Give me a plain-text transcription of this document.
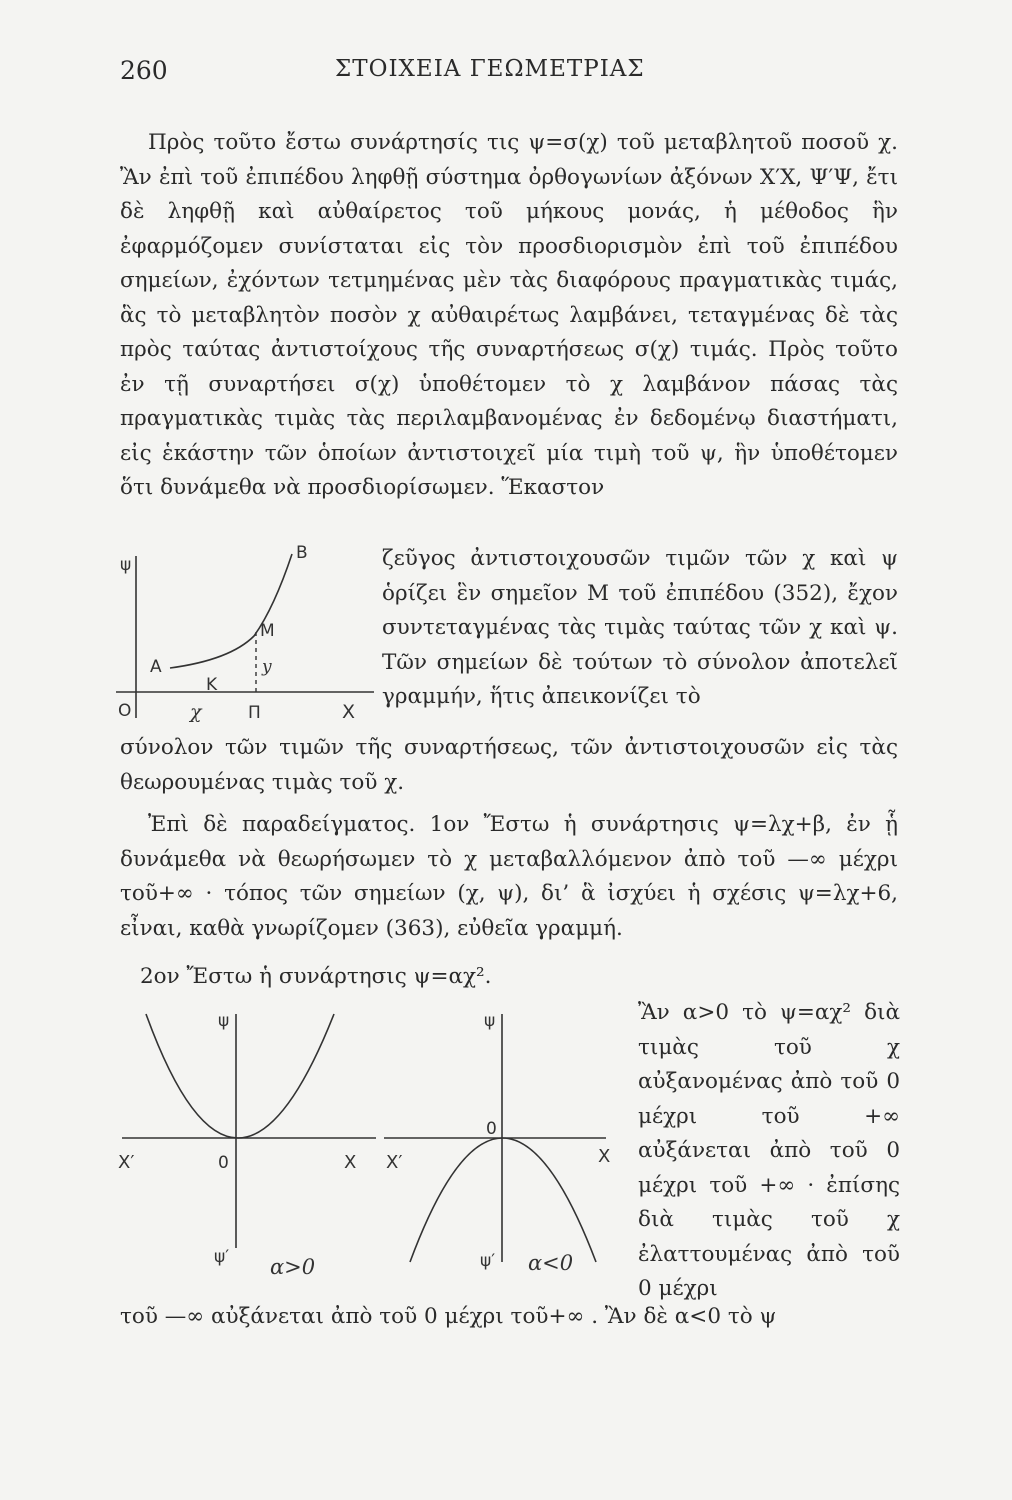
260	ΣΤΟΙΧΕΙΑ ΓΕΩΜΕΤΡΙΑΣ
Πρὸς τοῦτο ἔστω συνάρτησίς τις ψ=σ(χ) τοῦ μεταβλητοῦ ποσοῦ χ. Ἂν ἐπὶ τοῦ ἐπιπέδου ληφθῇ σύστημα ὀρθογωνίων ἀξόνων Χ′Χ, Ψ′Ψ, ἔτι δὲ ληφθῇ καὶ αὐθαίρετος τοῦ μήκους μονάς, ἡ μέθοδος ἣν ἐφαρμόζομεν συνίσταται εἰς τὸν προσδιορισμὸν ἐπὶ τοῦ ἐπιπέδου σημείων, ἐχόντων τετμημένας μὲν τὰς διαφόρους πραγματικὰς τιμάς, ἃς τὸ μεταβλητὸν ποσὸν χ αὐθαιρέτως λαμβάνει, τεταγμένας δὲ τὰς πρὸς ταύτας ἀντιστοίχους τῆς συναρτήσεως σ(χ) τιμάς. Πρὸς τοῦτο ἐν τῇ συναρτήσει σ(χ) ὑποθέτομεν τὸ χ λαμβάνον πάσας τὰς πραγματικὰς τιμὰς τὰς περιλαμβανομένας ἐν δεδομένῳ διαστήματι, εἰς ἑκάστην τῶν ὁποίων ἀντιστοιχεῖ μία τιμὴ τοῦ ψ, ἣν ὑποθέτομεν ὅτι δυνάμεθα νὰ προσδιορίσωμεν. Ἕκαστον
ψ
B
M
A
K
y
O	χ	Π	X
ζεῦγος ἀντιστοιχουσῶν τιμῶν τῶν χ καὶ ψ ὁρίζει ἓν σημεῖον Μ τοῦ ἐπιπέδου (352), ἔχον συντεταγμένας τὰς τιμὰς ταύτας τῶν χ καὶ ψ. Τῶν σημείων δὲ τούτων τὸ σύνολον ἀποτελεῖ γραμμήν, ἥτις ἀπεικονίζει τὸ
σύνολον τῶν τιμῶν τῆς συναρτήσεως, τῶν ἀντιστοιχουσῶν εἰς τὰς θεωρουμένας τιμὰς τοῦ χ.
Ἐπὶ δὲ παραδείγματος. 1ον Ἔστω ἡ συνάρτησις ψ=λχ+β, ἐν ᾗ δυνάμεθα νὰ θεωρήσωμεν τὸ χ μεταβαλλόμενον ἀπὸ τοῦ —∞ μέχρι τοῦ+∞ · τόπος τῶν σημείων (χ, ψ), δι’ ἃ ἰσχύει ἡ σχέσις ψ=λχ+6, εἶναι, καθὰ γνωρίζομεν (363), εὐθεῖα γραμμή.
2ον Ἔστω ἡ συνάρτησις ψ=αχ².
ψ
X′	0	X
ψ′ α>0
ψ
0
X′	X
ψ′ α<0
Ἂν α>0 τὸ ψ=αχ² διὰ τιμὰς τοῦ χ αὐξανομένας ἀπὸ τοῦ 0 μέχρι τοῦ +∞ αὐξάνεται ἀπὸ τοῦ 0 μέχρι τοῦ +∞ · ἐπίσης διὰ τιμὰς τοῦ χ ἐλαττουμένας ἀπὸ τοῦ 0 μέχρι
τοῦ —∞ αὐξάνεται ἀπὸ τοῦ 0 μέχρι τοῦ+∞ . Ἂν δὲ α<0 τὸ ψ
